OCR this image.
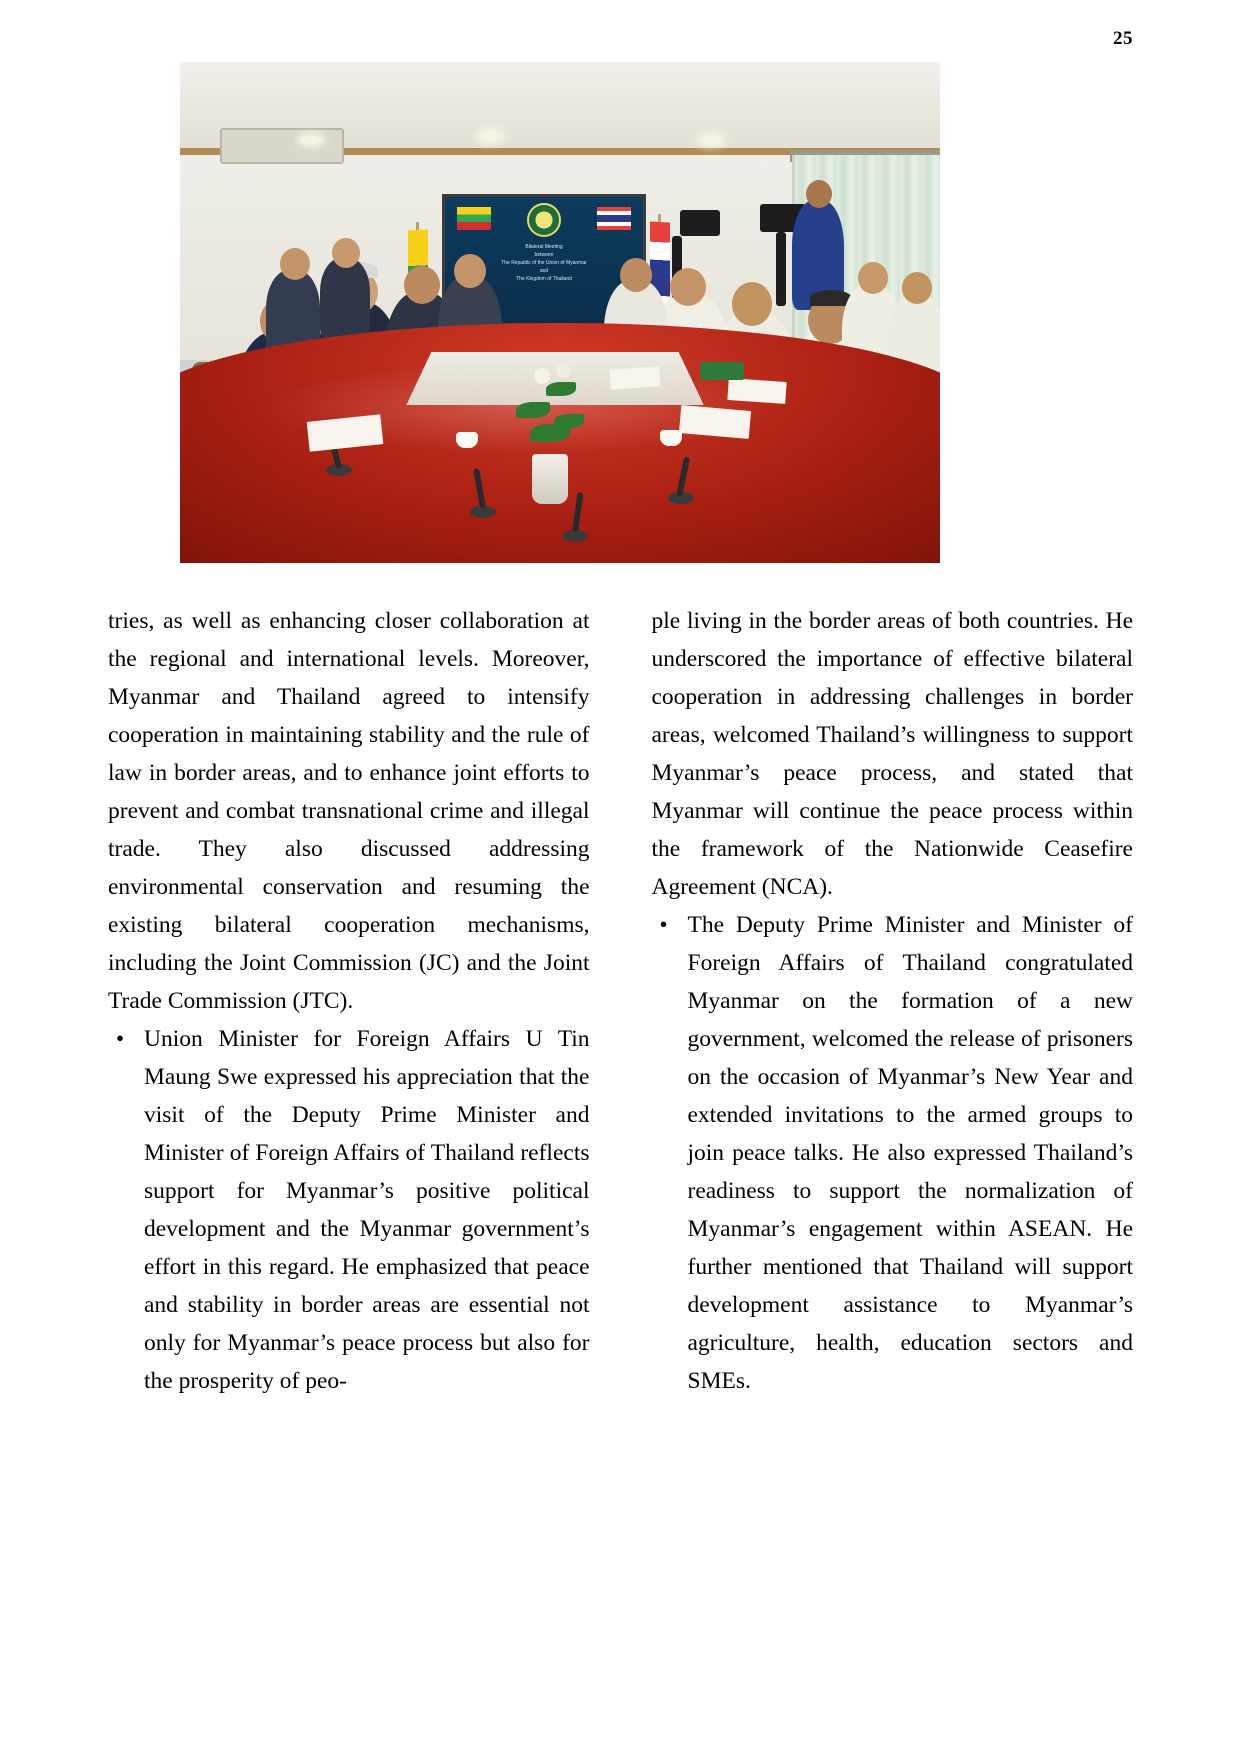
25
Bilateral Meeting
between
The Republic of the Union of Myanmar
and
The Kingdom of Thailand

tries, as well as enhancing closer collaboration at the regional and international levels. Moreover, Myanmar and Thailand agreed to intensify cooperation in maintaining stability and the rule of law in border areas, and to enhance joint efforts to prevent and combat transnational crime and illegal trade. They also discussed addressing environmental conservation and resuming the existing bilateral cooperation mechanisms, including the Joint Commission (JC) and the Joint Trade Commission (JTC).

• Union Minister for Foreign Affairs U Tin Maung Swe expressed his appreciation that the visit of the Deputy Prime Minister and Minister of Foreign Affairs of Thailand reflects support for Myanmar’s positive political development and the Myanmar government’s effort in this regard. He emphasized that peace and stability in border areas are essential not only for Myanmar’s peace process but also for the prosperity of peo-

ple living in the border areas of both countries. He underscored the importance of effective bilateral cooperation in addressing challenges in border areas, welcomed Thailand’s willingness to support Myanmar’s peace process, and stated that Myanmar will continue the peace process within the framework of the Nationwide Ceasefire Agreement (NCA).

• The Deputy Prime Minister and Minister of Foreign Affairs of Thailand congratulated Myanmar on the formation of a new government, welcomed the release of prisoners on the occasion of Myanmar’s New Year and extended invitations to the armed groups to join peace talks. He also expressed Thailand’s readiness to support the normalization of Myanmar’s engagement within ASEAN. He further mentioned that Thailand will support development assistance to Myanmar’s agriculture, health, education sectors and SMEs.
